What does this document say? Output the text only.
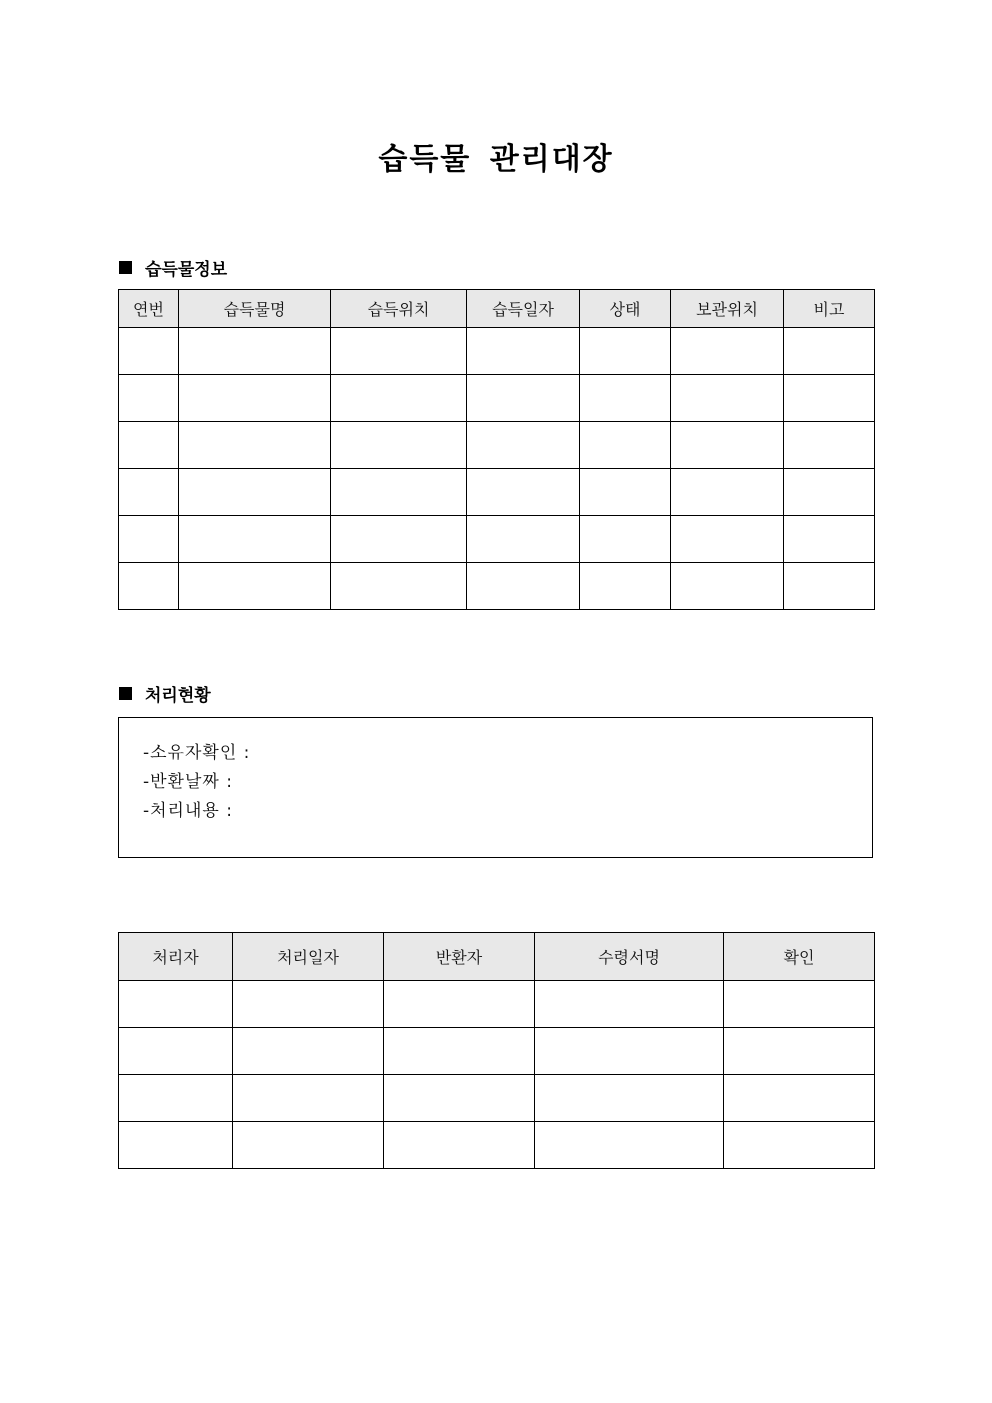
습득물 관리대장
습득물정보
연번	습득물명	습득위치	습득일자	상태	보관위치	비고

처리현황
-소유자확인 :
-반환날짜 :
-처리내용 :
처리자	처리일자	반환자	수령서명	확인
